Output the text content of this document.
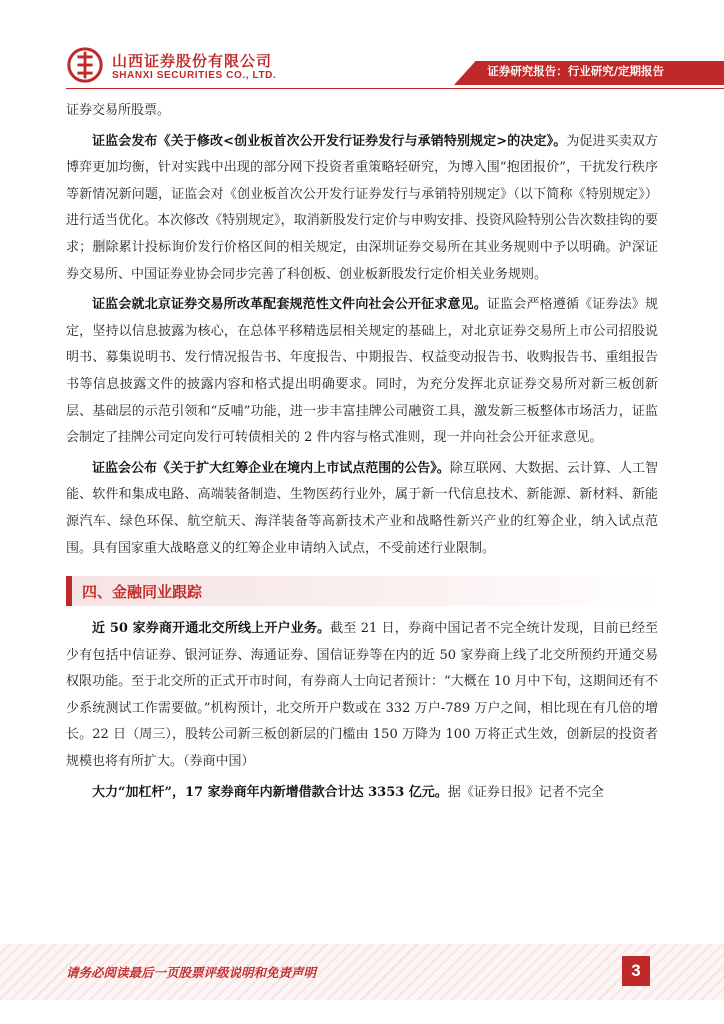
山西证券股份有限公司
SHANXI SECURITIES CO., LTD.	证券研究报告：行业研究/定期报告

证券交易所股票。

证监会发布《关于修改<创业板首次公开发行证券发行与承销特别规定>的决定》。为促进买卖双方博弈更加均衡，针对实践中出现的部分网下投资者重策略轻研究，为博入围“抱团报价”，干扰发行秩序等新情况新问题，证监会对《创业板首次公开发行证券发行与承销特别规定》（以下简称《特别规定》）进行适当优化。本次修改《特别规定》，取消新股发行定价与申购安排、投资风险特别公告次数挂钩的要求；删除累计投标询价发行价格区间的相关规定，由深圳证券交易所在其业务规则中予以明确。沪深证券交易所、中国证券业协会同步完善了科创板、创业板新股发行定价相关业务规则。

证监会就北京证券交易所改革配套规范性文件向社会公开征求意见。证监会严格遵循《证券法》规定，坚持以信息披露为核心，在总体平移精选层相关规定的基础上，对北京证券交易所上市公司招股说明书、募集说明书、发行情况报告书、年度报告、中期报告、权益变动报告书、收购报告书、重组报告书等信息披露文件的披露内容和格式提出明确要求。同时，为充分发挥北京证券交易所对新三板创新层、基础层的示范引领和“反哺”功能，进一步丰富挂牌公司融资工具，激发新三板整体市场活力，证监会制定了挂牌公司定向发行可转债相关的 2 件内容与格式准则，现一并向社会公开征求意见。

证监会公布《关于扩大红筹企业在境内上市试点范围的公告》。除互联网、大数据、云计算、人工智能、软件和集成电路、高端装备制造、生物医药行业外，属于新一代信息技术、新能源、新材料、新能源汽车、绿色环保、航空航天、海洋装备等高新技术产业和战略性新兴产业的红筹企业，纳入试点范围。具有国家重大战略意义的红筹企业申请纳入试点，不受前述行业限制。

四、金融同业跟踪

近 50 家券商开通北交所线上开户业务。截至 21 日，券商中国记者不完全统计发现，目前已经至少有包括中信证券、银河证券、海通证券、国信证券等在内的近 50 家券商上线了北交所预约开通交易权限功能。至于北交所的正式开市时间，有券商人士向记者预计：“大概在 10 月中下旬，这期间还有不少系统测试工作需要做。”机构预计，北交所开户数或在 332 万户-789 万户之间，相比现在有几倍的增长。22 日（周三），股转公司新三板创新层的门槛由 150 万降为 100 万将正式生效，创新层的投资者规模也将有所扩大。（券商中国）

大力“加杠杆”，17 家券商年内新增借款合计达 3353 亿元。据《证券日报》记者不完全

请务必阅读最后一页股票评级说明和免责声明	3
